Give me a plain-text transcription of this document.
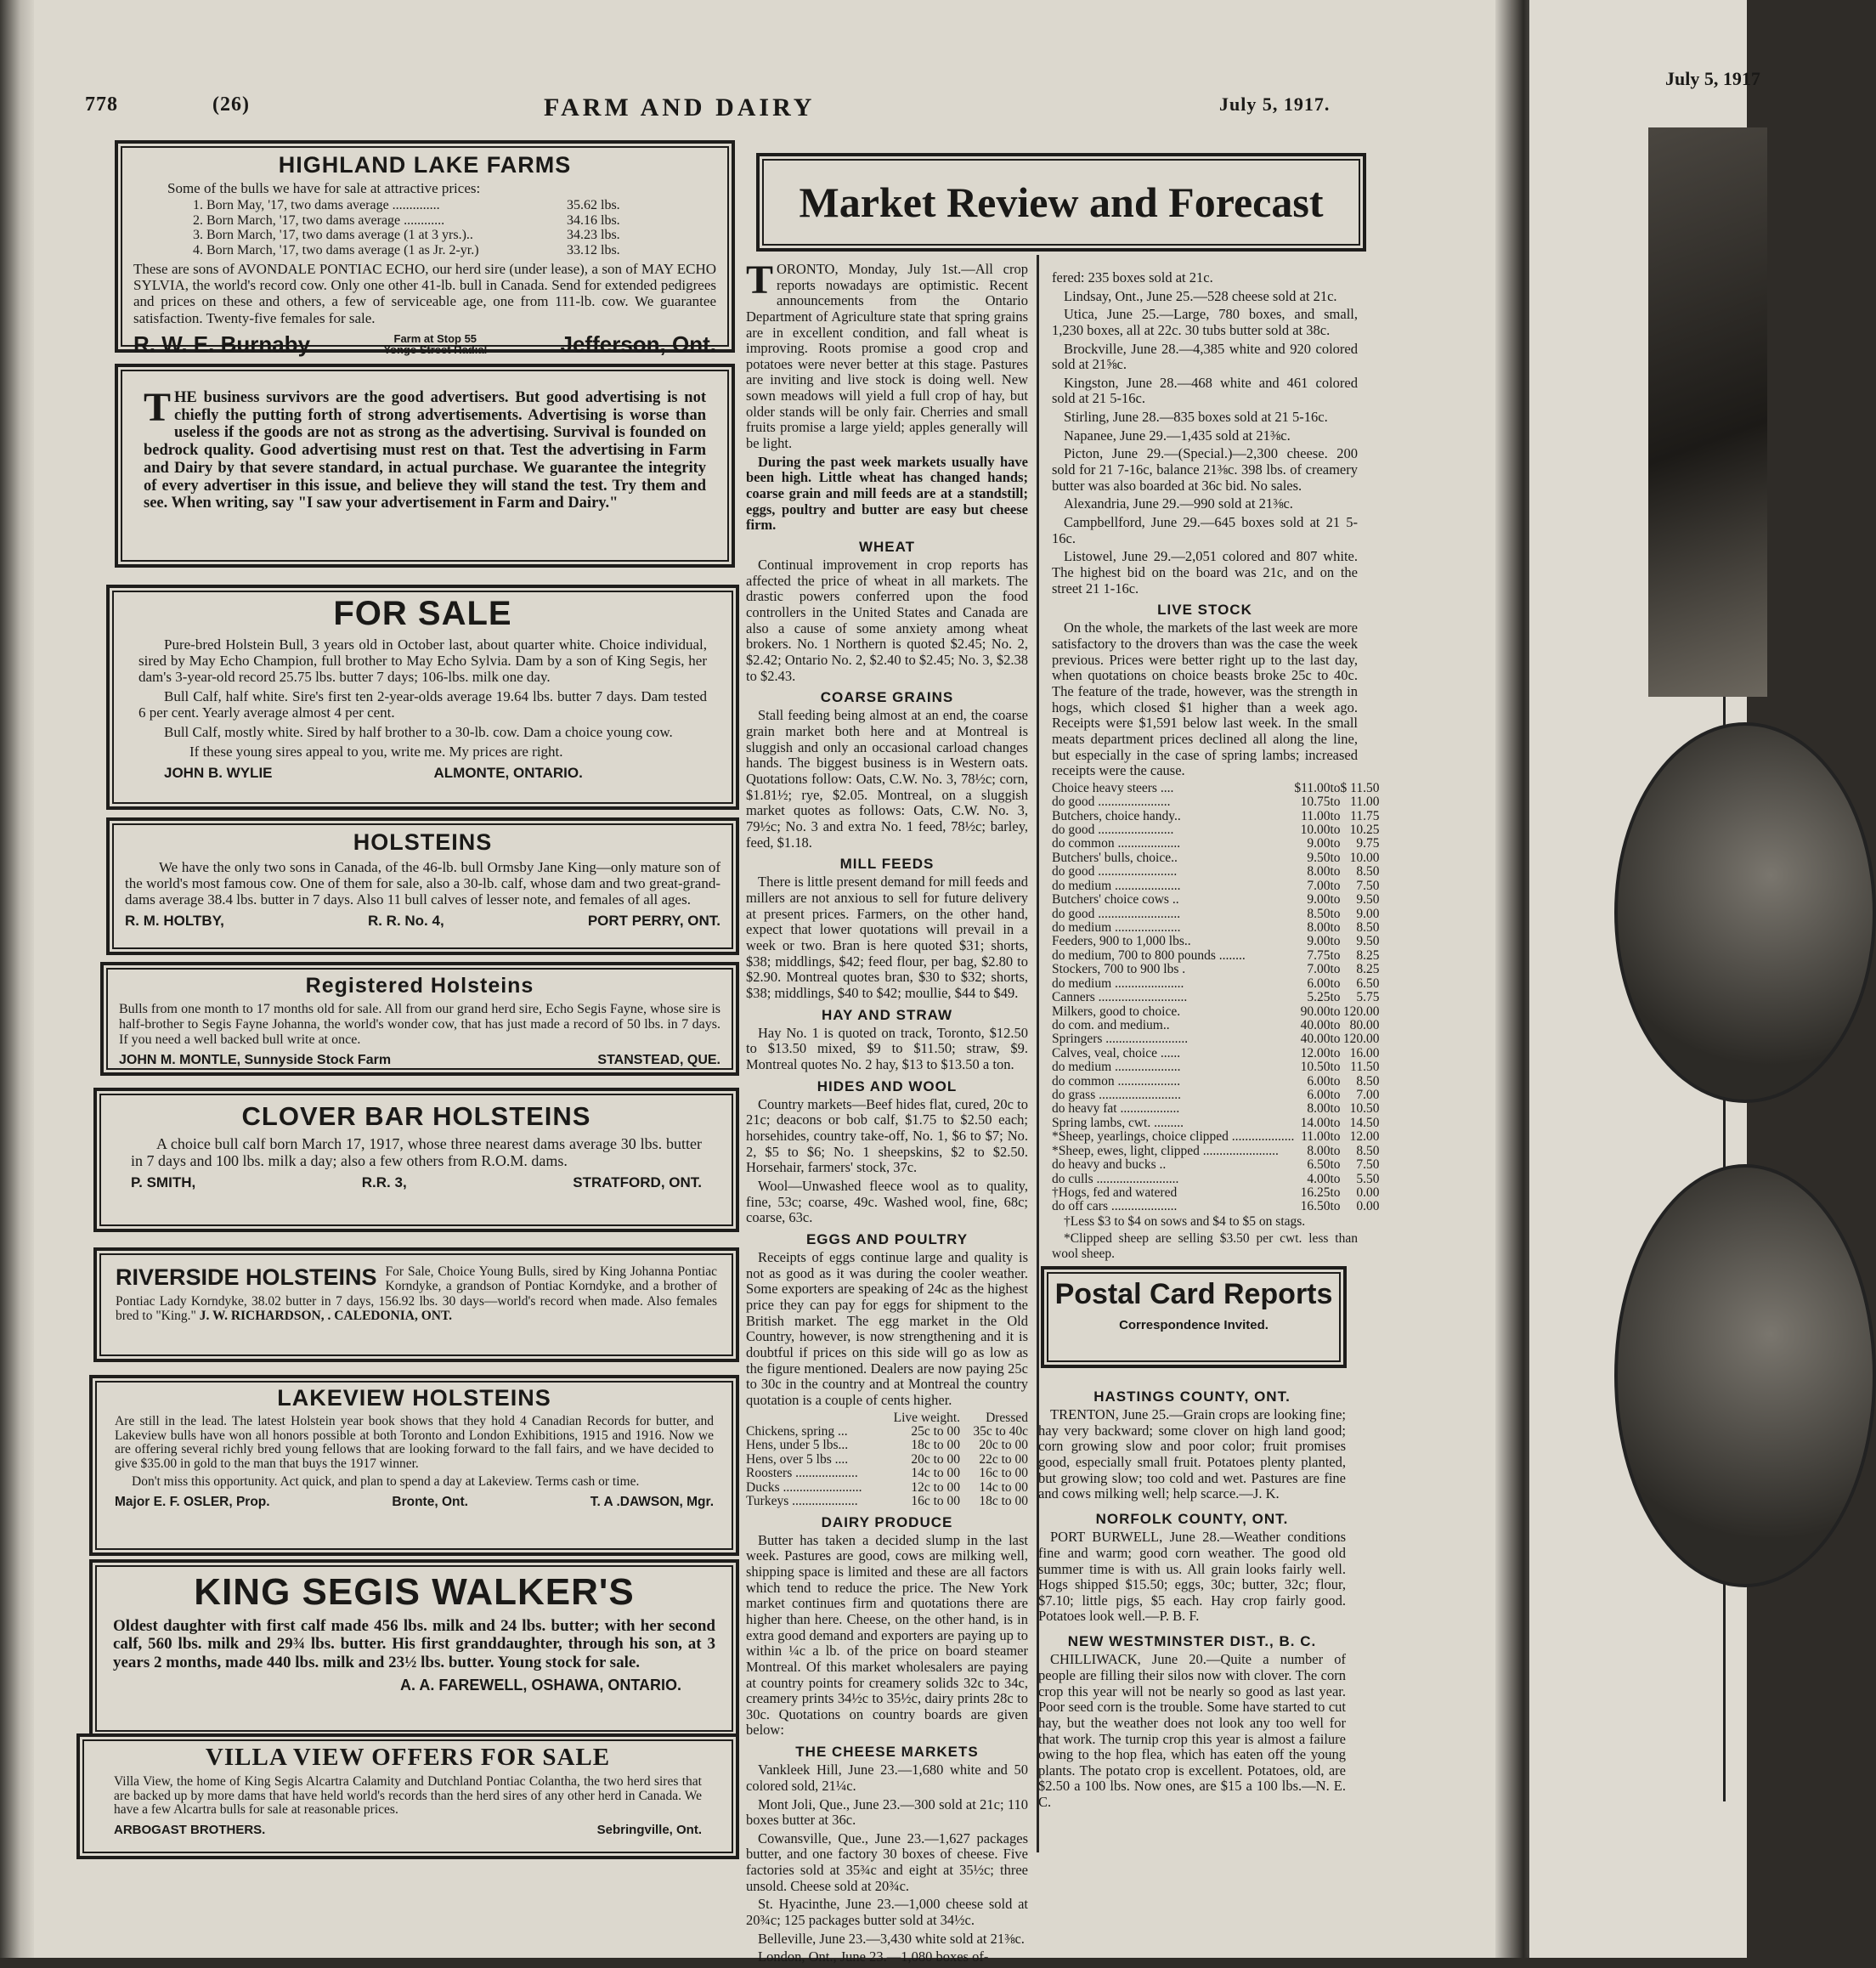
July 5, 1917
778	(26)	FARM AND DAIRY	July 5, 1917.
HIGHLAND LAKE FARMS

Some of the bulls we have for sale at attractive prices:

1. Born May, '17, two dams average ..............	35.62 lbs.
2. Born March, '17, two dams average ............	34.16 lbs.
3. Born March, '17, two dams average (1 at 3 yrs.)..	34.23 lbs.
4. Born March, '17, two dams average (1 as Jr. 2-yr.)	33.12 lbs.

These are sons of AVONDALE PONTIAC ECHO, our herd sire (under lease), a son of MAY ECHO SYLVIA, the world's record cow. Only one other 41-lb. bull in Canada. Send for extended pedigrees and prices on these and others, a few of serviceable age, one from 111-lb. cow. We guarantee satisfaction. Twenty-five females for sale.

R. W. E. Burnaby	Farm at Stop 55 Yonge Street Radial	Jefferson, Ont.

THE business survivors are the good advertisers. But good advertising is not chiefly the putting forth of strong advertisements. Advertising is worse than useless if the goods are not as strong as the advertising. Survival is founded on bedrock quality. Good advertising must rest on that. Test the advertising in Farm and Dairy by that severe standard, in actual purchase. We guarantee the integrity of every advertiser in this issue, and believe they will stand the test. Try them and see. When writing, say "I saw your advertisement in Farm and Dairy."

FOR SALE

Pure-bred Holstein Bull, 3 years old in October last, about quarter white. Choice individual, sired by May Echo Champion, full brother to May Echo Sylvia. Dam by a son of King Segis, her dam's 3-year-old record 25.75 lbs. butter 7 days; 106-lbs. milk one day.

Bull Calf, half white. Sire's first ten 2-year-olds average 19.64 lbs. butter 7 days. Dam tested 6 per cent. Yearly average almost 4 per cent.

Bull Calf, mostly white. Sired by half brother to a 30-lb. cow. Dam a choice young cow.

If these young sires appeal to you, write me. My prices are right.

JOHN B. WYLIE	ALMONTE, ONTARIO.
HOLSTEINS

We have the only two sons in Canada, of the 46-lb. bull Ormsby Jane King—only mature son of the world's most famous cow. One of them for sale, also a 30-lb. calf, whose dam and two great-grand-dams average 38.4 lbs. butter in 7 days. Also 11 bull calves of lesser note, and females of all ages.

R. M. HOLTBY,	R. R. No. 4,	PORT PERRY, ONT.
Registered Holsteins

Bulls from one month to 17 months old for sale. All from our grand herd sire, Echo Segis Fayne, whose sire is half-brother to Segis Fayne Johanna, the world's wonder cow, that has just made a record of 50 lbs. in 7 days. If you need a well backed bull write at once.

JOHN M. MONTLE, Sunnyside Stock Farm	STANSTEAD, QUE.
CLOVER BAR HOLSTEINS

A choice bull calf born March 17, 1917, whose three nearest dams average 30 lbs. butter in 7 days and 100 lbs. milk a day; also a few others from R.O.M. dams.

P. SMITH,	R.R. 3,	STRATFORD, ONT.

RIVERSIDE HOLSTEINS For Sale, Choice Young Bulls, sired by King Johanna Pontiac Korndyke, a grandson of Pontiac Korndyke, and a brother of Pontiac Lady Korndyke, 38.02 butter in 7 days, 156.92 lbs. 30 days—world's record when made. Also females bred to "King." J. W. RICHARDSON, . CALEDONIA, ONT.

LAKEVIEW HOLSTEINS

Are still in the lead. The latest Holstein year book shows that they hold 4 Canadian Records for butter, and Lakeview bulls have won all honors possible at both Toronto and London Exhibitions, 1915 and 1916. Now we are offering several richly bred young fellows that are looking forward to the fall fairs, and we have decided to give $35.00 in gold to the man that buys the 1917 winner.

Don't miss this opportunity. Act quick, and plan to spend a day at Lakeview. Terms cash or time.

Major E. F. OSLER, Prop.	Bronte, Ont.	T. A .DAWSON, Mgr.
KING SEGIS WALKER'S

Oldest daughter with first calf made 456 lbs. milk and 24 lbs. butter; with her second calf, 560 lbs. milk and 29¾ lbs. butter. His first granddaughter, through his son, at 3 years 2 months, made 440 lbs. milk and 23½ lbs. butter. Young stock for sale.

A. A. FAREWELL, OSHAWA, ONTARIO.
VILLA VIEW OFFERS FOR SALE

Villa View, the home of King Segis Alcartra Calamity and Dutchland Pontiac Colantha, the two herd sires that are backed up by more dams that have held world's records than the herd sires of any other herd in Canada. We have a few Alcartra bulls for sale at reasonable prices.

ARBOGAST BROTHERS.	Sebringville, Ont.
Market Review and Forecast

TORONTO, Monday, July 1st.—All crop reports nowadays are optimistic. Recent announcements from the Ontario Department of Agriculture state that spring grains are in excellent condition, and fall wheat is improving. Roots promise a good crop and potatoes were never better at this stage. Pastures are inviting and live stock is doing well. New sown meadows will yield a full crop of hay, but older stands will be only fair. Cherries and small fruits promise a large yield; apples generally will be light.

During the past week markets usually have been high. Little wheat has changed hands; coarse grain and mill feeds are at a standstill; eggs, poultry and butter are easy but cheese firm.

WHEAT

Continual improvement in crop reports has affected the price of wheat in all markets. The drastic powers conferred upon the food controllers in the United States and Canada are also a cause of some anxiety among wheat brokers. No. 1 Northern is quoted $2.45; No. 2, $2.42; Ontario No. 2, $2.40 to $2.45; No. 3, $2.38 to $2.43.

COARSE GRAINS

Stall feeding being almost at an end, the coarse grain market both here and at Montreal is sluggish and only an occasional carload changes hands. The biggest business is in Western oats. Quotations follow: Oats, C.W. No. 3, 78½c; corn, $1.81½; rye, $2.05. Montreal, on a sluggish market quotes as follows: Oats, C.W. No. 3, 79½c; No. 3 and extra No. 1 feed, 78½c; barley, feed, $1.18.

MILL FEEDS

There is little present demand for mill feeds and millers are not anxious to sell for future delivery at present prices. Farmers, on the other hand, expect that lower quotations will prevail in a week or two. Bran is here quoted $31; shorts, $38; middlings, $42; feed flour, per bag, $2.80 to $2.90. Montreal quotes bran, $30 to $32; shorts, $38; middlings, $40 to $42; moullie, $44 to $49.

HAY AND STRAW

Hay No. 1 is quoted on track, Toronto, $12.50 to $13.50 mixed, $9 to $11.50; straw, $9. Montreal quotes No. 2 hay, $13 to $13.50 a ton.

HIDES AND WOOL

Country markets—Beef hides flat, cured, 20c to 21c; deacons or bob calf, $1.75 to $2.50 each; horsehides, country take-off, No. 1, $6 to $7; No. 2, $5 to $6; No. 1 sheepskins, $2 to $2.50. Horsehair, farmers' stock, 37c.

Wool—Unwashed fleece wool as to quality, fine, 53c; coarse, 49c. Washed wool, fine, 68c; coarse, 63c.

EGGS AND POULTRY

Receipts of eggs continue large and quality is not as good as it was during the cooler weather. Some exporters are speaking of 24c as the highest price they can pay for eggs for shipment to the British market. The egg market in the Old Country, however, is now strengthening and it is doubtful if prices on this side will go as low as the figure mentioned. Dealers are now paying 25c to 30c in the country and at Montreal the country quotation is a couple of cents higher.

	Live weight.	Dressed
Chickens, spring ...	25c to 00	35c to 40c
Hens, under 5 lbs...	18c to 00	20c to 00
Hens, over 5 lbs ....	20c to 00	22c to 00
Roosters ...................	14c to 00	16c to 00
Ducks ........................	12c to 00	14c to 00
Turkeys ....................	16c to 00	18c to 00
DAIRY PRODUCE

Butter has taken a decided slump in the last week. Pastures are good, cows are milking well, shipping space is limited and these are all factors which tend to reduce the price. The New York market continues firm and quotations there are higher than here. Cheese, on the other hand, is in extra good demand and exporters are paying up to within ¼c a lb. of the price on board steamer Montreal. Of this market wholesalers are paying at country points for creamery solids 32c to 34c, creamery prints 34½c to 35½c, dairy prints 28c to 30c. Quotations on country boards are given below:

THE CHEESE MARKETS

Vankleek Hill, June 23.—1,680 white and 50 colored sold, 21¼c.

Mont Joli, Que., June 23.—300 sold at 21c; 110 boxes butter at 36c.

Cowansville, Que., June 23.—1,627 packages butter, and one factory 30 boxes of cheese. Five factories sold at 35¾c and eight at 35½c; three unsold. Cheese sold at 20¾c.

St. Hyacinthe, June 23.—1,000 cheese sold at 20¾c; 125 packages butter sold at 34½c.

Belleville, June 23.—3,430 white sold at 21⅜c.

London, Ont., June 23.—1,080 boxes of-

fered: 235 boxes sold at 21c.

Lindsay, Ont., June 25.—528 cheese sold at 21c.

Utica, June 25.—Large, 780 boxes, and small, 1,230 boxes, all at 22c. 30 tubs butter sold at 38c.

Brockville, June 28.—4,385 white and 920 colored sold at 21⅝c.

Kingston, June 28.—468 white and 461 colored sold at 21 5-16c.

Stirling, June 28.—835 boxes sold at 21 5-16c.

Napanee, June 29.—1,435 sold at 21⅜c.

Picton, June 29.—(Special.)—2,300 cheese. 200 sold for 21 7-16c, balance 21⅜c. 398 lbs. of creamery butter was also boarded at 36c bid. No sales.

Alexandria, June 29.—990 sold at 21⅜c.

Campbellford, June 29.—645 boxes sold at 21 5-16c.

Listowel, June 29.—2,051 colored and 807 white. The highest bid on the board was 21c, and on the street 21 1-16c.

LIVE STOCK

On the whole, the markets of the last week are more satisfactory to the drovers than was the case the week previous. Prices were better right up to the last day, when quotations on choice beasts broke 25c to 40c. The feature of the trade, however, was the strength in hogs, which closed $1 higher than a week ago. Receipts were $1,591 below last week. In the small meats department prices declined all along the line, but especially in the case of spring lambs; increased receipts were the cause.

Choice heavy steers ....	$11.00	to	$ 11.50
do good ......................	10.75	to	11.00
Butchers, choice handy..	11.00	to	11.75
do good .......................	10.00	to	10.25
do common ...................	9.00	to	9.75
Butchers' bulls, choice..	9.50	to	10.00
do good ........................	8.00	to	8.50
do medium ....................	7.00	to	7.50
Butchers' choice cows ..	9.00	to	9.50
do good .........................	8.50	to	9.00
do medium ....................	8.00	to	8.50
Feeders, 900 to 1,000 lbs..	9.00	to	9.50
do medium, 700 to 800 pounds ........	7.75	to	8.25
Stockers, 700 to 900 lbs .	7.00	to	8.25
do medium .....................	6.00	to	6.50
Canners ...........................	5.25	to	5.75
Milkers, good to choice.	90.00	to	120.00
do com. and medium..	40.00	to	80.00
Springers .........................	40.00	to	120.00
Calves, veal, choice ......	12.00	to	16.00
do medium ....................	10.50	to	11.50
do common ...................	6.00	to	8.50
do grass .........................	6.00	to	7.00
do heavy fat ..................	8.00	to	10.50
Spring lambs, cwt. .........	14.00	to	14.50
*Sheep, yearlings, choice clipped ...................	11.00	to	12.00
*Sheep, ewes, light, clipped .......................	8.00	to	8.50
do heavy and bucks ..	6.50	to	7.50
do culls .........................	4.00	to	5.50
†Hogs, fed and watered	16.25	to	0.00
do off cars ....................	16.50	to	0.00

†Less $3 to $4 on sows and $4 to $5 on stags.

*Clipped sheep are selling $3.50 per cwt. less than wool sheep.

Postal Card Reports
Correspondence Invited.
HASTINGS COUNTY, ONT.

TRENTON, June 25.—Grain crops are looking fine; hay very backward; some clover on high land good; corn growing slow and poor color; fruit promises good, especially small fruit. Potatoes plenty planted, but growing slow; too cold and wet. Pastures are fine and cows milking well; help scarce.—J. K.

NORFOLK COUNTY, ONT.

PORT BURWELL, June 28.—Weather conditions fine and warm; good corn weather. The good old summer time is with us. All grain looks fairly well. Hogs shipped $15.50; eggs, 30c; butter, 32c; flour, $7.10; little pigs, $5 each. Hay crop fairly good. Potatoes look well.—P. B. F.

NEW WESTMINSTER DIST., B. C.

CHILLIWACK, June 20.—Quite a number of people are filling their silos now with clover. The corn crop this year will not be nearly so good as last year. Poor seed corn is the trouble. Some have started to cut hay, but the weather does not look any too well for that work. The turnip crop this year is almost a failure owing to the hop flea, which has eaten off the young plants. The potato crop is excellent. Potatoes, old, are $2.50 a 100 lbs. Now ones, are $15 a 100 lbs.—N. E. C.
